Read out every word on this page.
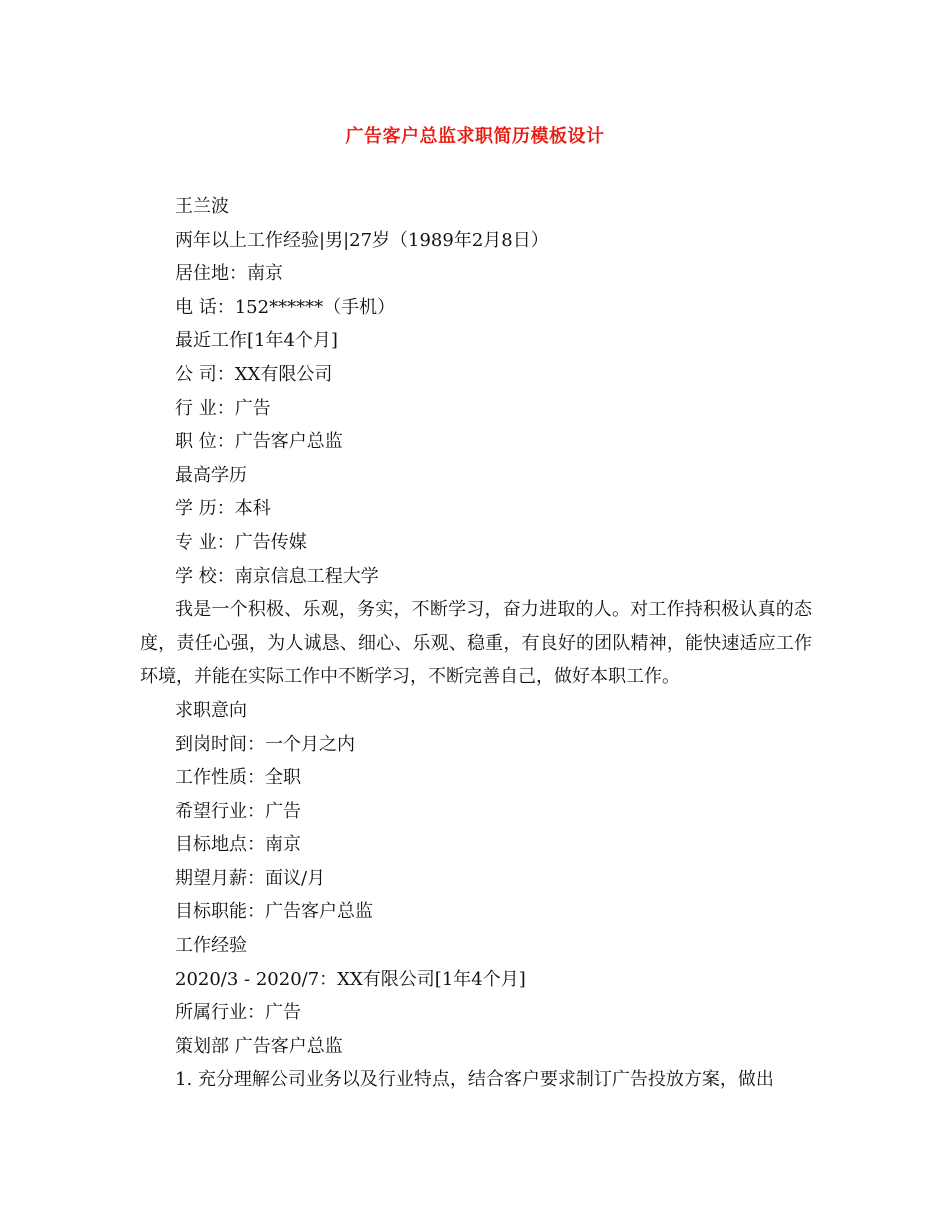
广告客户总监求职简历模板设计
王兰波
两年以上工作经验|男|27岁（1989年2月8日）
居住地：南京
电 话：152******（手机）
最近工作[1年4个月]
公 司：XX有限公司
行 业：广告
职 位：广告客户总监
最高学历
学 历：本科
专 业：广告传媒
学 校：南京信息工程大学

我是一个积极、乐观，务实，不断学习，奋力进取的人。对工作持积极认真的态度，责任心强，为人诚恳、细心、乐观、稳重，有良好的团队精神，能快速适应工作环境，并能在实际工作中不断学习，不断完善自己，做好本职工作。

求职意向
到岗时间：一个月之内
工作性质：全职
希望行业：广告
目标地点：南京
期望月薪：面议/月
目标职能：广告客户总监
工作经验
2020/3 - 2020/7：XX有限公司[1年4个月]
所属行业：广告
策划部 广告客户总监
1. 充分理解公司业务以及行业特点，结合客户要求制订广告投放方案，做出
